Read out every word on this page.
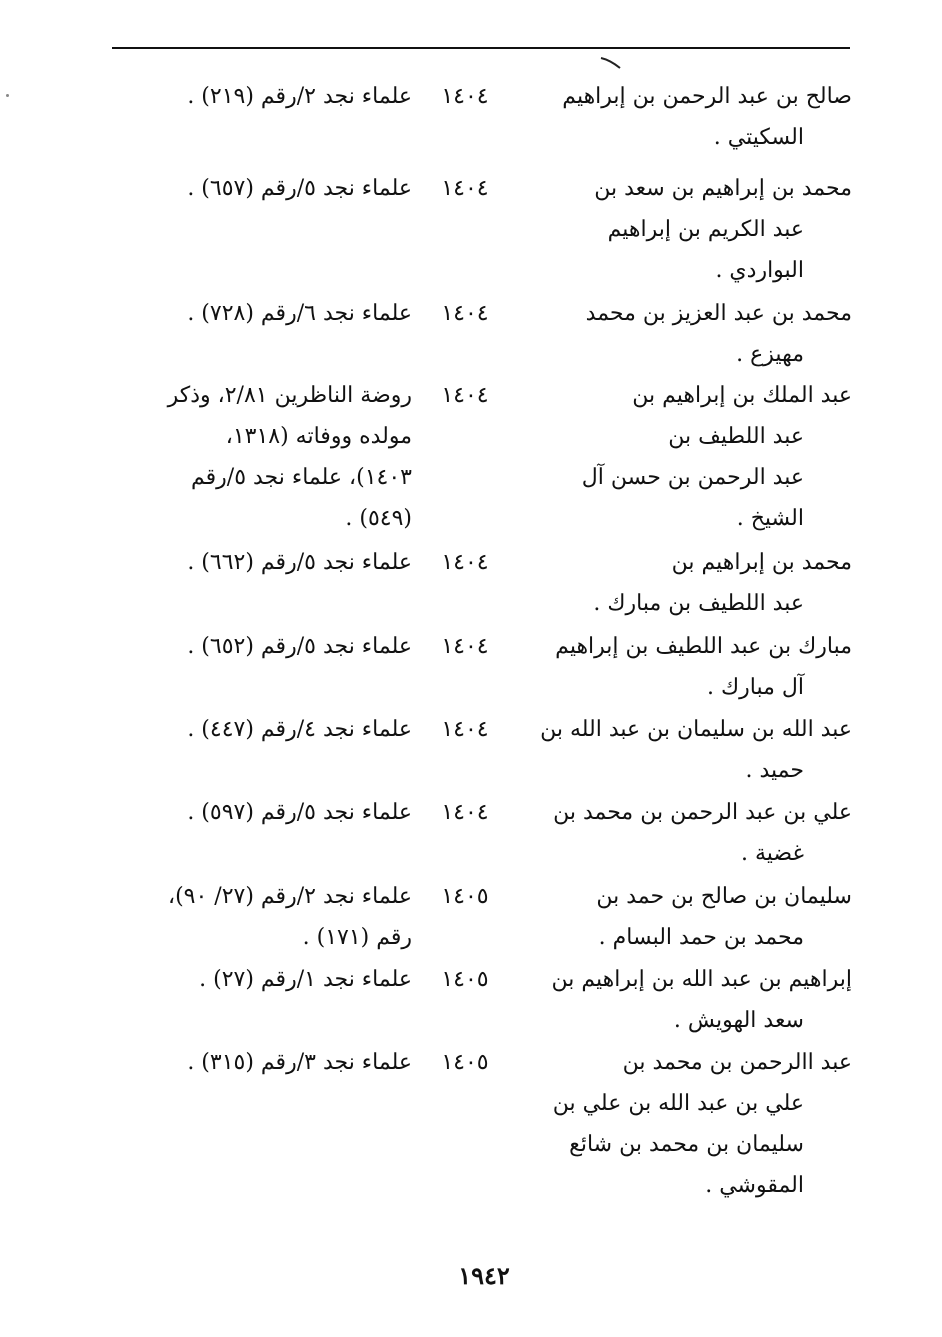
صالح بن عبد الرحمن بن إبراهيم
السكيتي .
١٤٠٤
علماء نجد ٢/رقم (٢١٩) .
محمد بن إبراهيم بن سعد بن
عبد الكريم بن إبراهيم
البواردي .
١٤٠٤
علماء نجد ٥/رقم (٦٥٧) .
محمد بن عبد العزيز بن محمد
مهيزع .
١٤٠٤
علماء نجد ٦/رقم (٧٢٨) .
عبد الملك بن إبراهيم بن
عبد اللطيف بن
عبد الرحمن بن حسن آل
الشيخ .
١٤٠٤
روضة الناظرين ٢/٨١، وذكر
مولده ووفاته (١٣١٨،
١٤٠٣)، علماء نجد ٥/رقم
(٥٤٩) .
محمد بن إبراهيم بن
عبد اللطيف بن مبارك .
١٤٠٤
علماء نجد ٥/رقم (٦٦٢) .
مبارك بن عبد اللطيف بن إبراهيم
آل مبارك .
١٤٠٤
علماء نجد ٥/رقم (٦٥٢) .
عبد الله بن سليمان بن عبد الله بن
حميد .
١٤٠٤
علماء نجد ٤/رقم (٤٤٧) .
علي بن عبد الرحمن بن محمد بن
غضية .
١٤٠٤
علماء نجد ٥/رقم (٥٩٧) .
سليمان بن صالح بن حمد بن
محمد بن حمد البسام .
١٤٠٥
علماء نجد ٢/رقم (٢٧/ ٩٠)،
رقم (١٧١) .
إبراهيم بن عبد الله بن إبراهيم بن
سعد الهويش .
١٤٠٥
علماء نجد ١/رقم (٢٧) .
عبد االرحمن بن محمد بن
علي بن عبد الله بن علي بن
سليمان بن محمد بن شائع
المقوشي .
١٤٠٥
علماء نجد ٣/رقم (٣١٥) .
١٩٤٢
